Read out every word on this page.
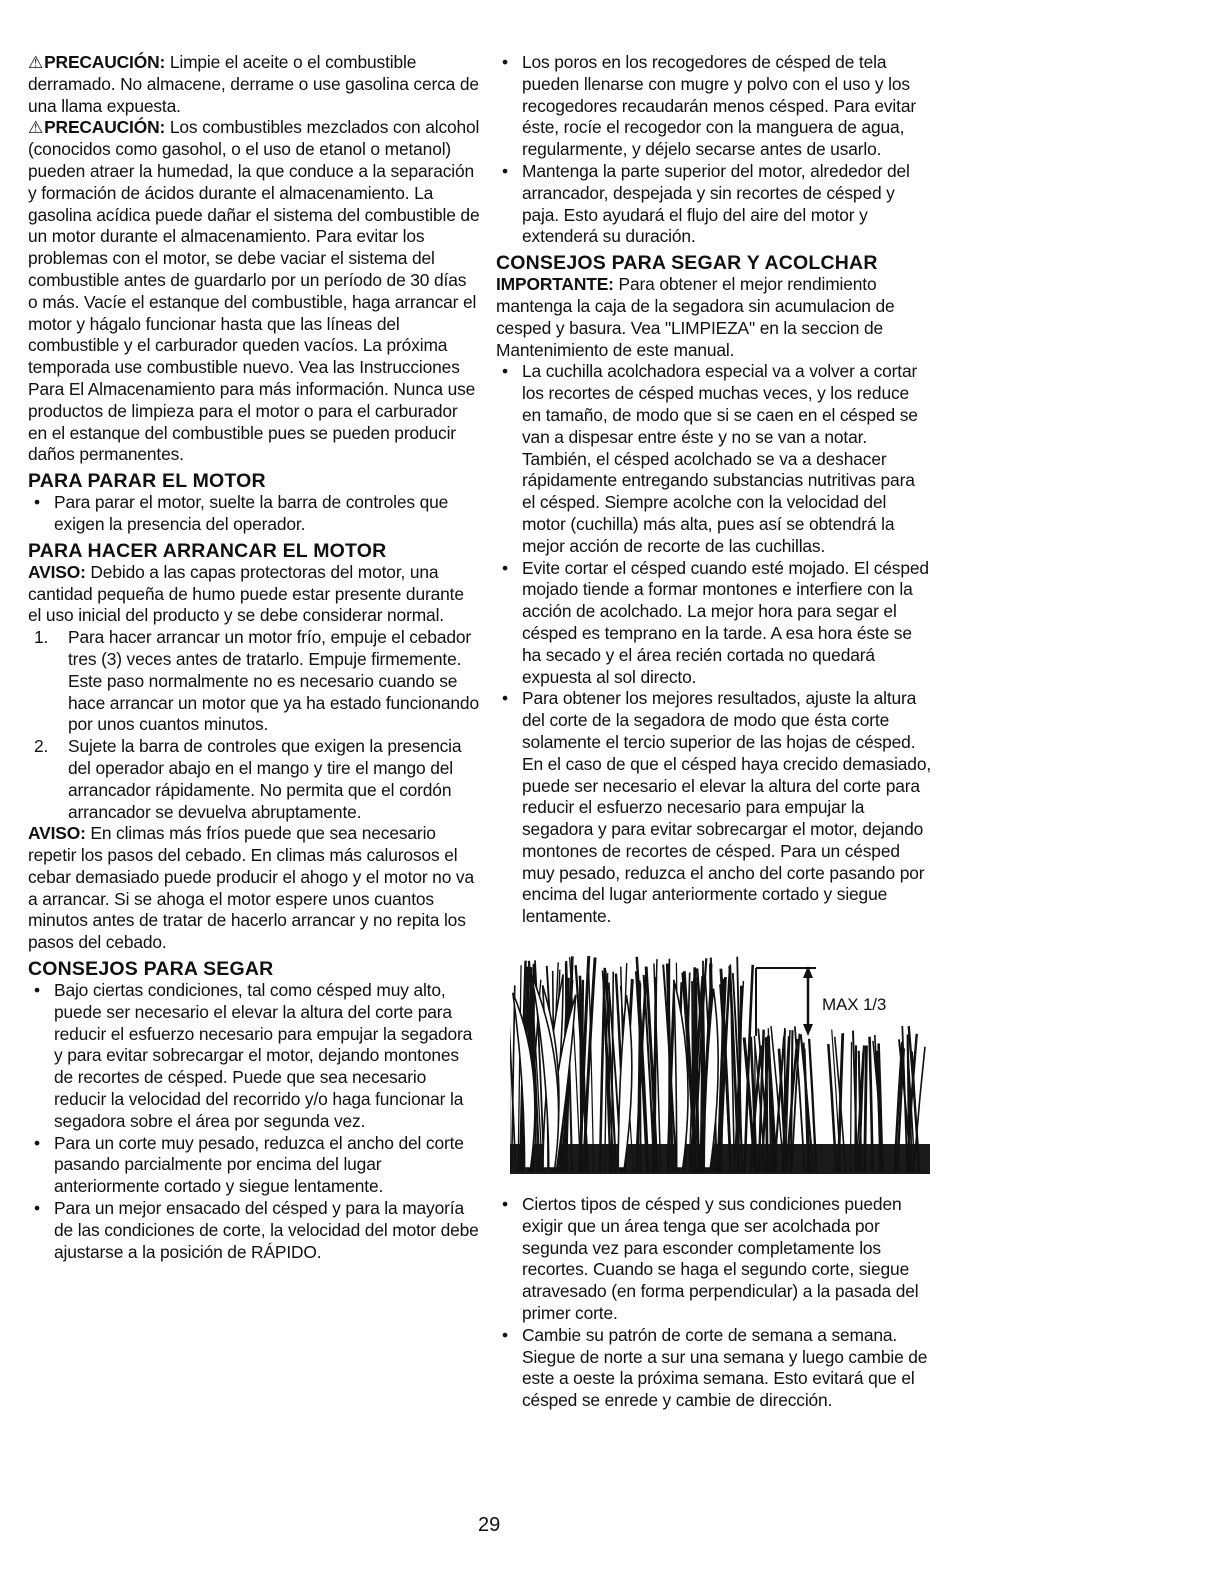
⚠PRECAUCIÓN: Limpie el aceite o el combustible derramado. No almacene, derrame o use gasolina cerca de una llama expuesta.

⚠PRECAUCIÓN: Los combustibles mezclados con alcohol (conocidos como gasohol, o el uso de etanol o metanol) pueden atraer la humedad, la que conduce a la separación y formación de ácidos durante el almacenamiento. La gasolina acídica puede dañar el sistema del combustible de un motor durante el almacenamiento. Para evitar los problemas con el motor, se debe vaciar el sistema del combustible antes de guardarlo por un período de 30 días o más. Vacíe el estanque del combustible, haga arrancar el motor y hágalo funcionar hasta que las líneas del combustible y el carburador queden vacíos. La próxima temporada use combustible nuevo. Vea las Instrucciones Para El Almacenamiento para más información. Nunca use productos de limpieza para el motor o para el carburador en el estanque del combustible pues se pueden producir daños permanentes.

PARA PARAR EL MOTOR
• Para parar el motor, suelte la barra de controles que exigen la presencia del operador.
PARA HACER ARRANCAR EL MOTOR

AVISO: Debido a las capas protectoras del motor, una cantidad pequeña de humo puede estar presente durante el uso inicial del producto y se debe considerar normal.

1. Para hacer arrancar un motor frío, empuje el cebador tres (3) veces antes de tratarlo. Empuje firmemente. Este paso normalmente no es necesario cuando se hace arrancar un motor que ya ha estado funcionando por unos cuantos minutos.
2. Sujete la barra de controles que exigen la presencia del operador abajo en el mango y tire el mango del arrancador rápidamente. No permita que el cordón arrancador se devuelva abruptamente.

AVISO: En climas más fríos puede que sea necesario repetir los pasos del cebado. En climas más calurosos el cebar demasiado puede producir el ahogo y el motor no va a arrancar. Si se ahoga el motor espere unos cuantos minutos antes de tratar de hacerlo arrancar y no repita los pasos del cebado.

CONSEJOS PARA SEGAR
• Bajo ciertas condiciones, tal como césped muy alto, puede ser necesario el elevar la altura del corte para reducir el esfuerzo necesario para empujar la segadora y para evitar sobrecargar el motor, dejando montones de recortes de césped. Puede que sea necesario reducir la velocidad del recorrido y/o haga funcionar la segadora sobre el área por segunda vez.
• Para un corte muy pesado, reduzca el ancho del corte pasando parcialmente por encima del lugar anteriormente cortado y siegue lentamente.
• Para un mejor ensacado del césped y para la mayoría de las condiciones de corte, la velocidad del motor debe ajustarse a la posición de RÁPIDO.
• Los poros en los recogedores de césped de tela pueden llenarse con mugre y polvo con el uso y los recogedores recaudarán menos césped. Para evitar éste, rocíe el recogedor con la manguera de agua, regularmente, y déjelo secarse antes de usarlo.
• Mantenga la parte superior del motor, alrededor del arrancador, despejada y sin recortes de césped y paja. Esto ayudará el flujo del aire del motor y extenderá su duración.
CONSEJOS PARA SEGAR Y ACOLCHAR

IMPORTANTE: Para obtener el mejor rendimiento mantenga la caja de la segadora sin acumulacion de cesped y basura. Vea "LIMPIEZA" en la seccion de Mantenimiento de este manual.

• La cuchilla acolchadora especial va a volver a cortar los recortes de césped muchas veces, y los reduce en tamaño, de modo que si se caen en el césped se van a dispesar entre éste y no se van a notar. También, el césped acolchado se va a deshacer rápidamente entregando substancias nutritivas para el césped. Siempre acolche con la velocidad del motor (cuchilla) más alta, pues así se obtendrá la mejor acción de recorte de las cuchillas.
• Evite cortar el césped cuando esté mojado. El césped mojado tiende a formar montones e interfiere con la acción de acolchado. La mejor hora para segar el césped es temprano en la tarde. A esa hora éste se ha secado y el área recién cortada no quedará expuesta al sol directo.
• Para obtener los mejores resultados, ajuste la altura del corte de la segadora de modo que ésta corte solamente el tercio superior de las hojas de césped. En el caso de que el césped haya crecido demasiado, puede ser necesario el elevar la altura del corte para reducir el esfuerzo necesario para empujar la segadora y para evitar sobrecargar el motor, dejando montones de recortes de césped. Para un césped muy pesado, reduzca el ancho del corte pasando por encima del lugar anteriormente cortado y siegue lentamente.
MAX 1/3
• Ciertos tipos de césped y sus condiciones pueden exigir que un área tenga que ser acolchada por segunda vez para esconder completamente los recortes. Cuando se haga el segundo corte, siegue atravesado (en forma perpendicular) a la pasada del primer corte.
• Cambie su patrón de corte de semana a semana. Siegue de norte a sur una semana y luego cambie de este a oeste la próxima semana. Esto evitará que el césped se enrede y cambie de dirección.
29
